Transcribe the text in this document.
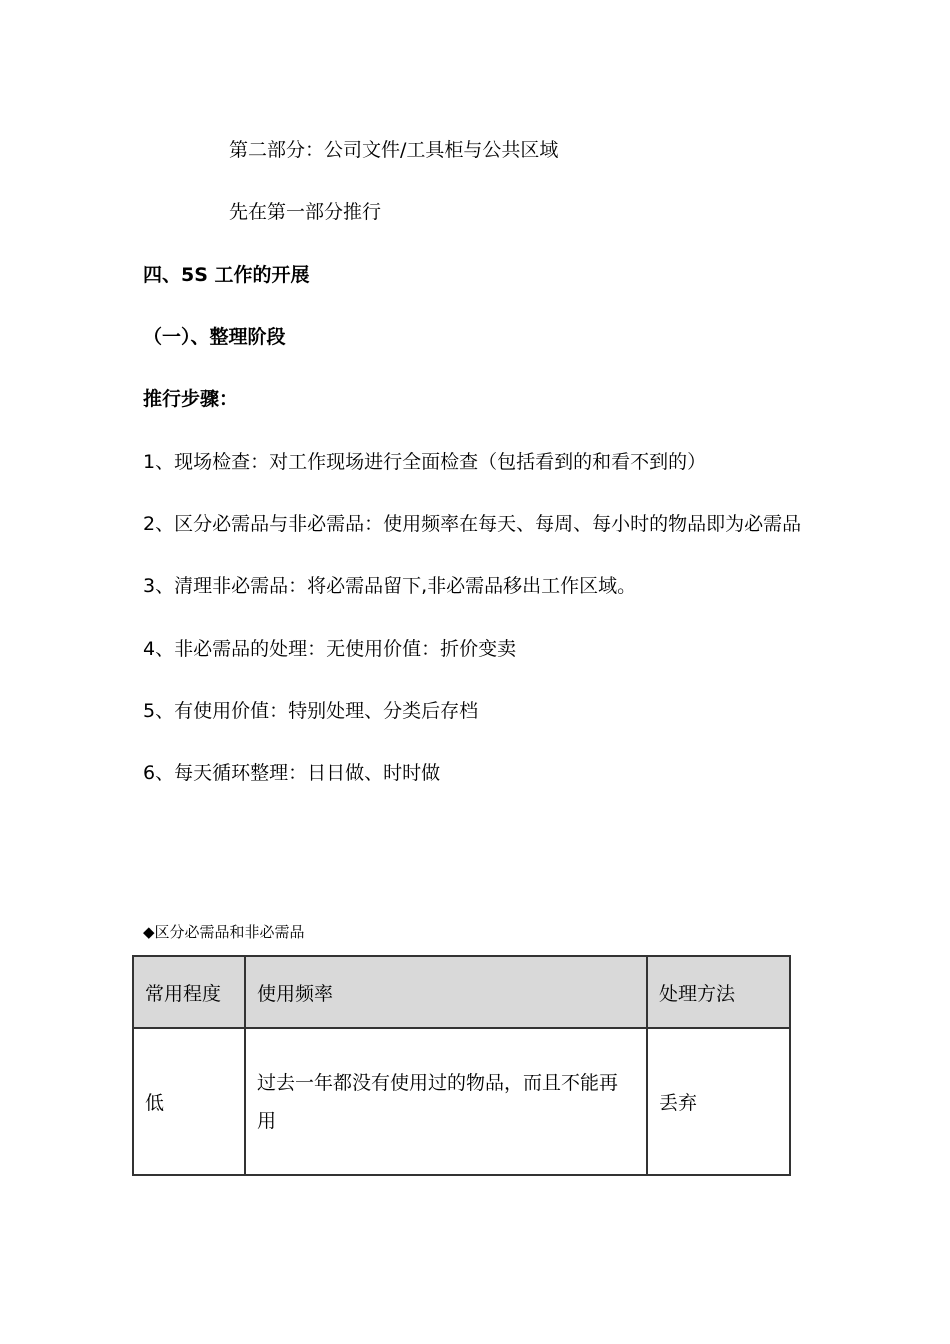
第二部分：公司文件/工具柜与公共区域
先在第一部分推行
四、5S 工作的开展
（一）、整理阶段
推行步骤：
1、现场检查：对工作现场进行全面检查（包括看到的和看不到的）
2、区分必需品与非必需品：使用频率在每天、每周、每小时的物品即为必需品
3、清理非必需品：将必需品留下,非必需品移出工作区域。
4、非必需品的处理：无使用价值：折价变卖
5、有使用价值：特别处理、分类后存档
6、每天循环整理：日日做、时时做
◆区分必需品和非必需品
常用程度	使用频率	处理方法
低	过去一年都没有使用过的物品，而且不能再用	丢弃
